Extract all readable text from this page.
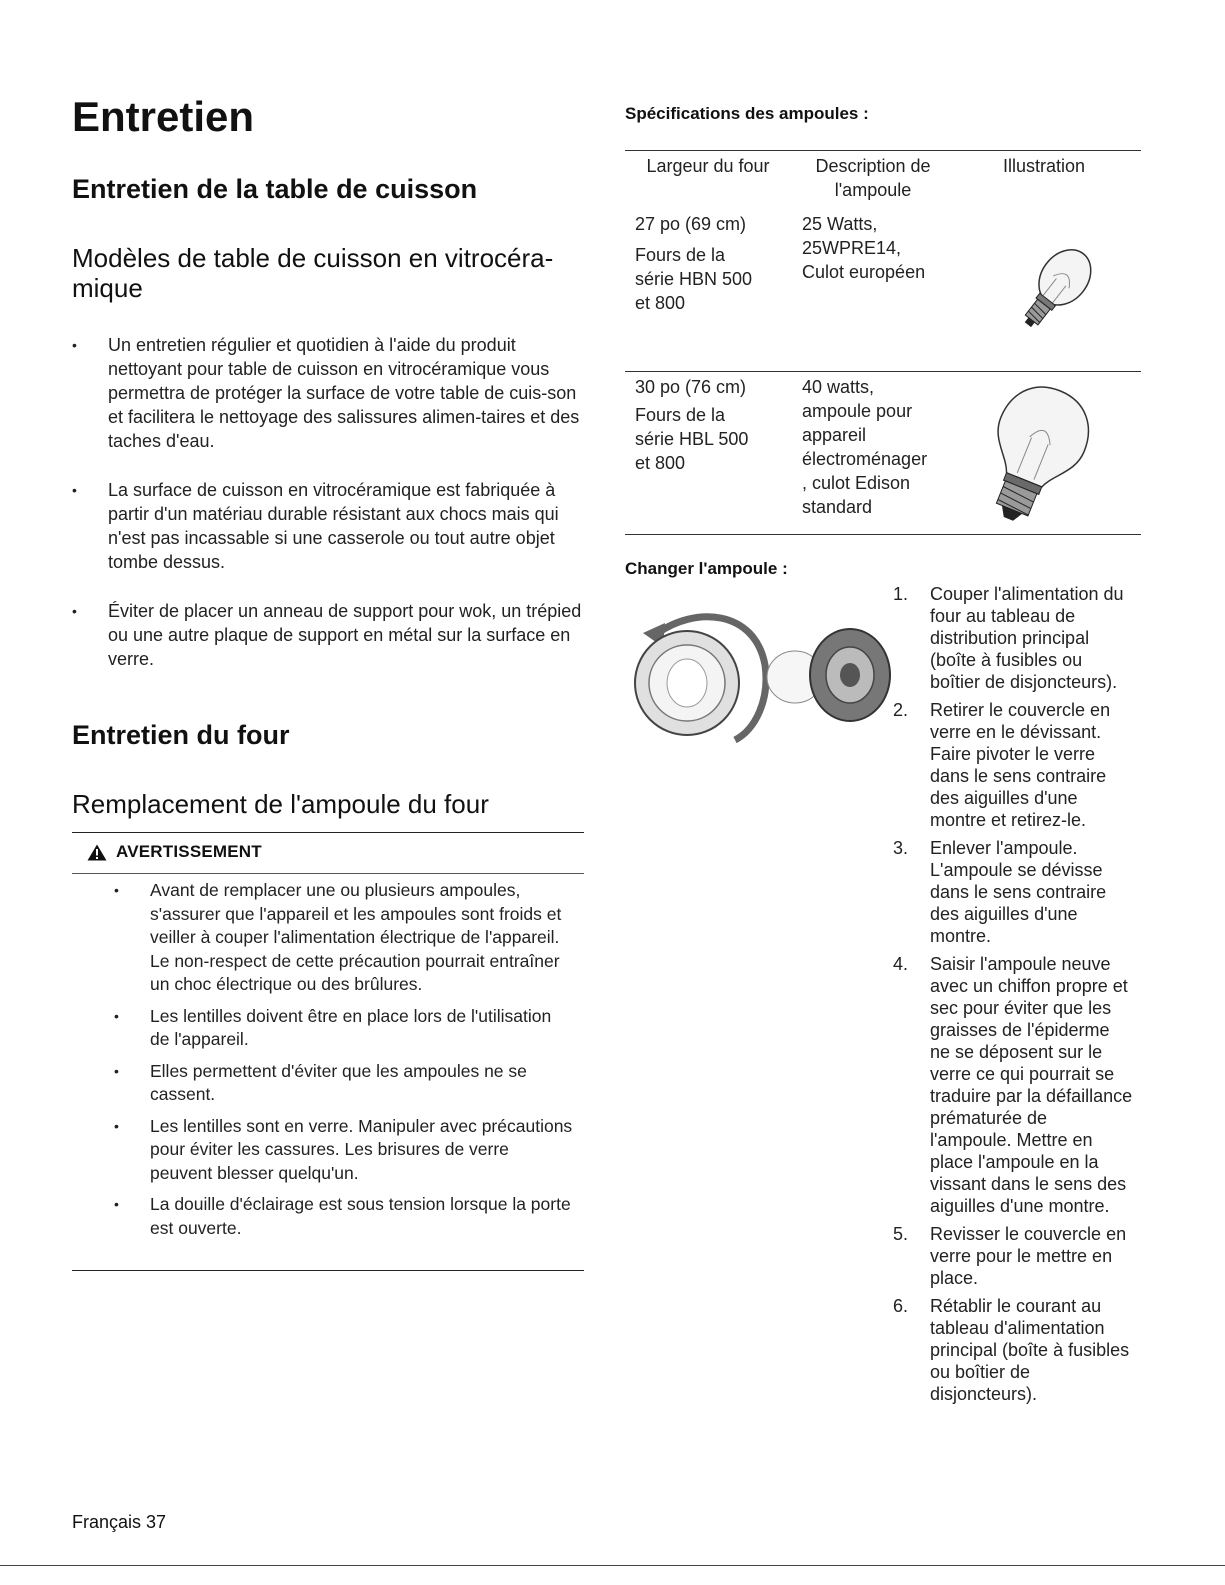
Entretien
Entretien de la table de cuisson
Modèles de table de cuisson en vitrocéra-
mique
• Un entretien régulier et quotidien à l'aide du produit nettoyant pour table de cuisson en vitrocéramique vous permettra de protéger la surface de votre table de cuis-son et facilitera le nettoyage des salissures alimen-taires et des taches d'eau.
• La surface de cuisson en vitrocéramique est fabriquée à partir d'un matériau durable résistant aux chocs mais qui n'est pas incassable si une casserole ou tout autre objet tombe dessus.
• Éviter de placer un anneau de support pour wok, un trépied ou une autre plaque de support en métal sur la surface en verre.
Entretien du four
Remplacement de l'ampoule du four
AVERTISSEMENT
• Avant de remplacer une ou plusieurs ampoules, s'assurer que l'appareil et les ampoules sont froids et veiller à couper l'alimentation électrique de l'appareil. Le non-respect de cette précaution pourrait entraîner un choc électrique ou des brûlures.
• Les lentilles doivent être en place lors de l'utilisation de l'appareil.
• Elles permettent d'éviter que les ampoules ne se cassent.
• Les lentilles sont en verre. Manipuler avec précautions pour éviter les cassures. Les brisures de verre peuvent blesser quelqu'un.
• La douille d'éclairage est sous tension lorsque la porte est ouverte.
Français 37
Spécifications des ampoules :
Largeur du four	Description de
l'ampoule
Illustration
27 po (69 cm)
Fours de la
série HBN 500
et 800
25 Watts,
25WPRE14,
Culot européen
30 po (76 cm)
Fours de la
série HBL 500
et 800
40 watts,
ampoule pour
appareil
électroménager
, culot Edison
standard
Changer l'ampoule :
1. Couper l'alimentation du four au tableau de distribution principal (boîte à fusibles ou boîtier de disjoncteurs).
2. Retirer le couvercle en verre en le dévissant. Faire pivoter le verre dans le sens contraire des aiguilles d'une montre et retirez-le.
3. Enlever l'ampoule. L'ampoule se dévisse dans le sens contraire des aiguilles d'une montre.
4. Saisir l'ampoule neuve avec un chiffon propre et sec pour éviter que les graisses de l'épiderme ne se déposent sur le verre ce qui pourrait se traduire par la défaillance prématurée de l'ampoule. Mettre en place l'ampoule en la vissant dans le sens des aiguilles d'une montre.
5. Revisser le couvercle en verre pour le mettre en place.
6. Rétablir le courant au tableau d'alimentation principal (boîte à fusibles ou boîtier de disjoncteurs).
